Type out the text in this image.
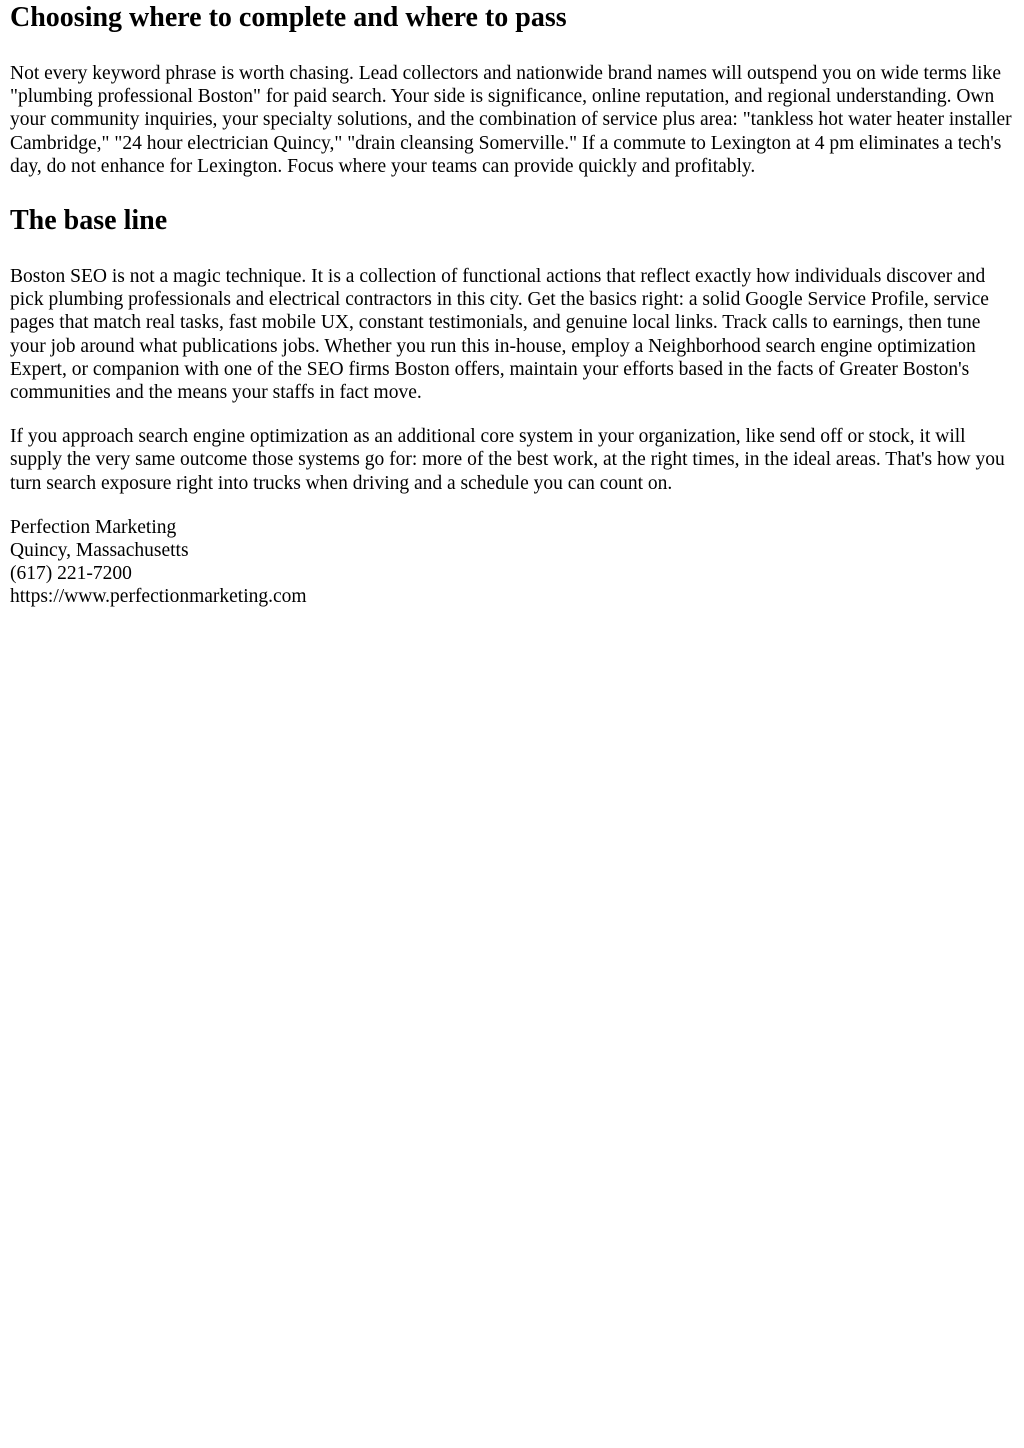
Choosing where to complete and where to pass

Not every keyword phrase is worth chasing. Lead collectors and nationwide brand names will outspend you on wide terms like "plumbing professional Boston" for paid search. Your side is significance, online reputation, and regional understanding. Own your community inquiries, your specialty solutions, and the combination of service plus area: "tankless hot water heater installer Cambridge," "24 hour electrician Quincy," "drain cleansing Somerville." If a commute to Lexington at 4 pm eliminates a tech's day, do not enhance for Lexington. Focus where your teams can provide quickly and profitably.

The base line

Boston SEO is not a magic technique. It is a collection of functional actions that reflect exactly how individuals discover and pick plumbing professionals and electrical contractors in this city. Get the basics right: a solid Google Service Profile, service pages that match real tasks, fast mobile UX, constant testimonials, and genuine local links. Track calls to earnings, then tune your job around what publications jobs. Whether you run this in-house, employ a Neighborhood search engine optimization Expert, or companion with one of the SEO firms Boston offers, maintain your efforts based in the facts of Greater Boston's communities and the means your staffs in fact move.

If you approach search engine optimization as an additional core system in your organization, like send off or stock, it will supply the very same outcome those systems go for: more of the best work, at the right times, in the ideal areas. That's how you turn search exposure right into trucks when driving and a schedule you can count on.

Perfection Marketing
Quincy, Massachusetts
(617) 221-7200
https://www.perfectionmarketing.com
